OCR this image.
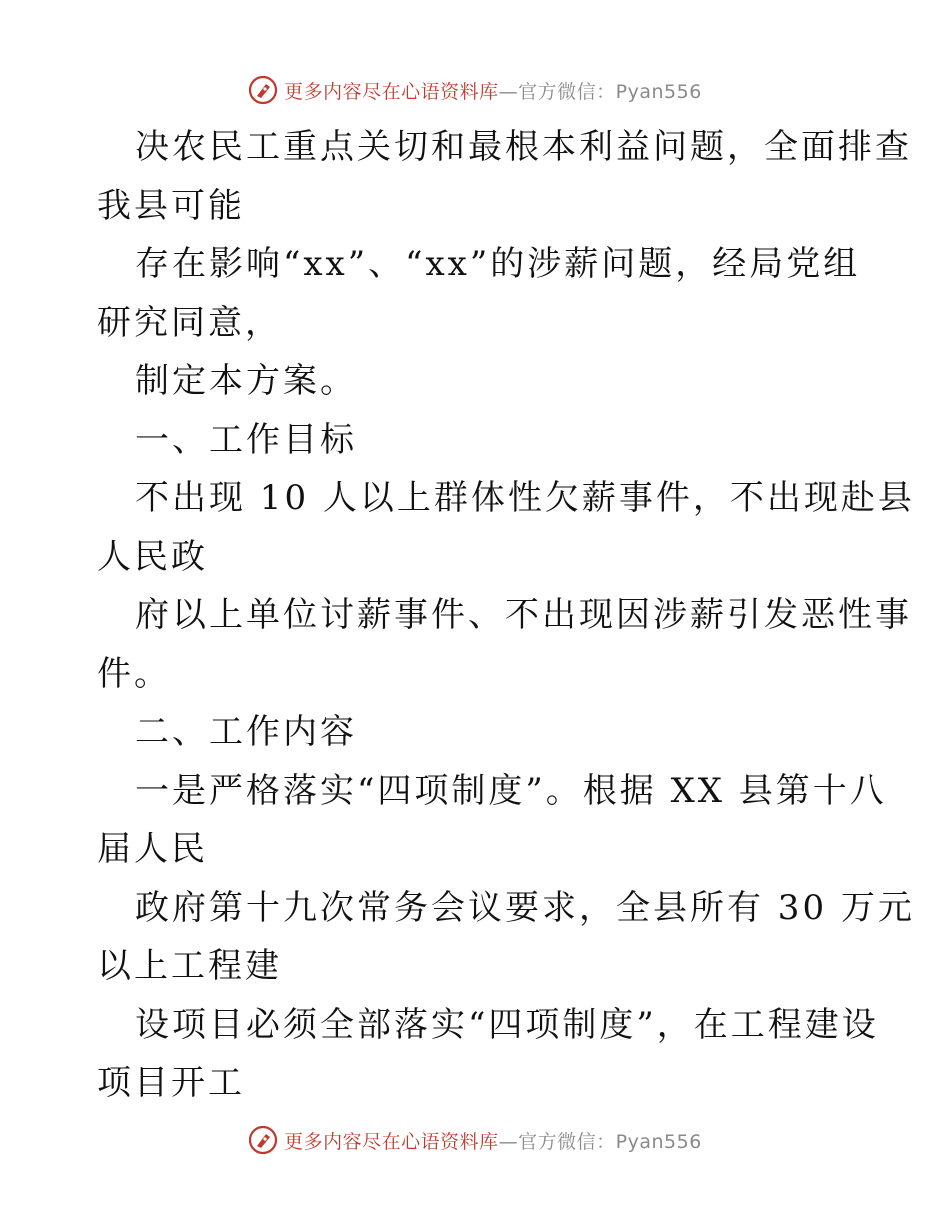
更多内容尽在心语资料库—官方微信：Pyan556
决农民工重点关切和最根本利益问题，全面排查
我县可能
存在影响“xx”、“xx”的涉薪问题，经局党组
研究同意，
制定本方案。
一、工作目标
不出现 10 人以上群体性欠薪事件，不出现赴县
人民政
府以上单位讨薪事件、不出现因涉薪引发恶性事
件。
二、工作内容
一是严格落实“四项制度”。根据 XX 县第十八
届人民
政府第十九次常务会议要求，全县所有 30 万元
以上工程建
设项目必须全部落实“四项制度”，在工程建设
项目开工
更多内容尽在心语资料库—官方微信：Pyan556
